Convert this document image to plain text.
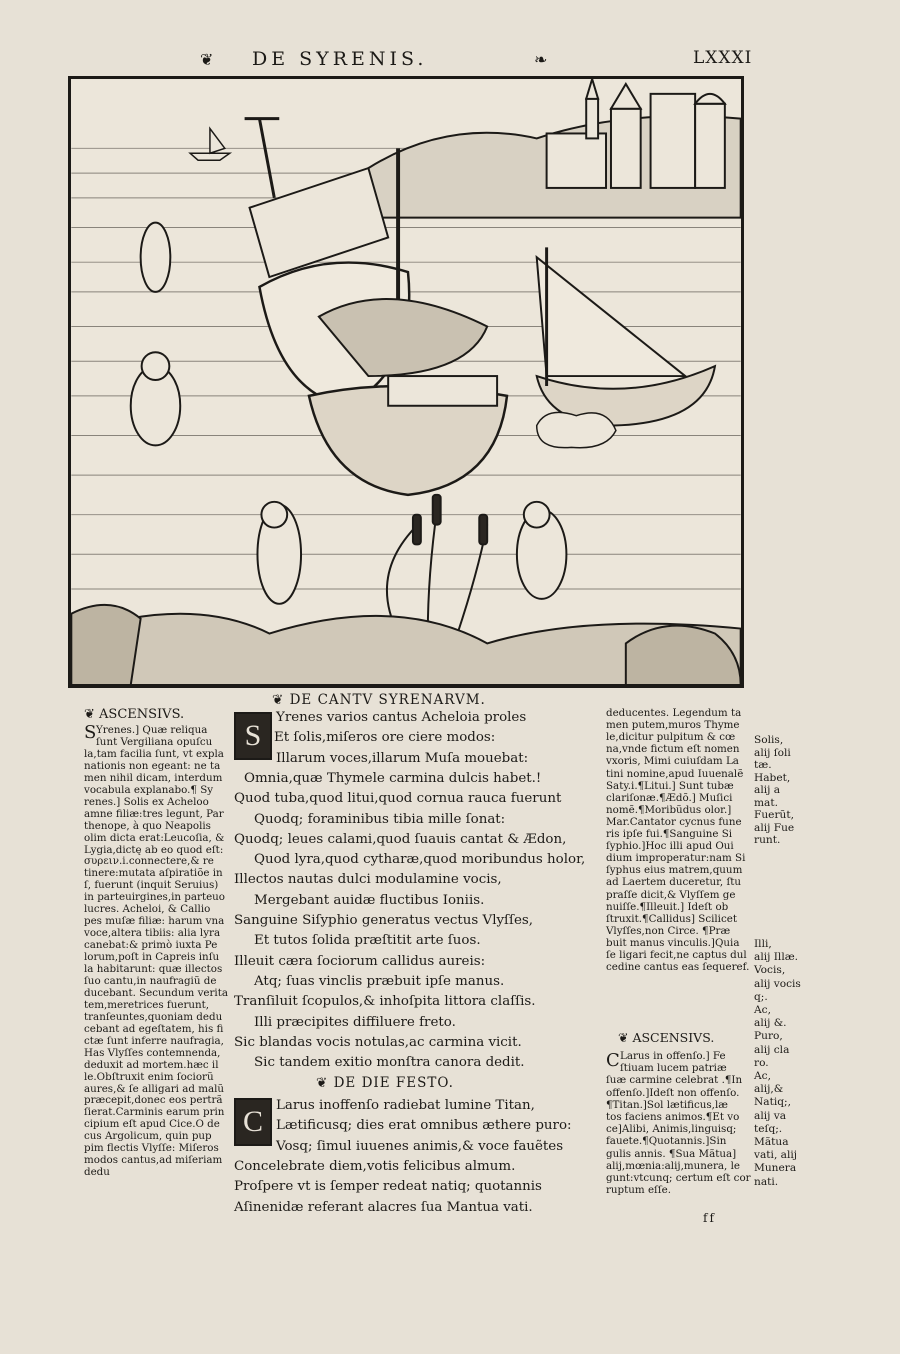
❦ DE SYRENIS.	❧	LXXXI
❦ ASCENSIVS.
S Yrenes.] Quæ reliqua
ſunt Vergiliana opuſcu
la,tam facilia ſunt, vt expla
nationis non egeant: ne ta
men nihil dicam, interdum
vocabula explanabo.¶ Sy
renes.] Solis ex Acheloo
amne filiæ:tres legunt, Par
thenope, à quo Neapolis
olim dicta erat:Leucoſia, &
Lygia,dictę ab eo quod eſt:
συρειν.i.connectere,& re
tinere:mutata aſpiratiõe in
ſ, fuerunt (inquit Seruius)
in parteuirgines,in parteuo
lucres. Acheloi, & Callio
pes muſæ filiæ: harum vna
voce,altera tibiis: alia lyra
canebat:& primò iuxta Pe
lorum,poſt in Capreis inſu
la habitarunt: quæ illectos
ſuo cantu,in naufragiũ de
ducebant. Secundum verita
tem,meretrices fuerunt,
tranſeuntes,quoniam dedu
cebant ad egeſtatem, his fi
ctæ ſunt inferre naufragia,
Has Vlyſſes contemnenda,
deduxit ad mortem.hæc il
le.Obſtruxit enim ſociorũ
aures,& ſe alligari ad malũ
præcepit,donec eos pertrã
ſierat.Carminis earum prin
cipium eſt apud Cice.O de
cus Argolicum, quin pup
pim flectis Vlyſſe: Miſeros
modos cantus,ad miſeriam
dedu
❦ DE CANTV SYRENARVM.
S
❦ DE DIE FESTO.
C
Yrenes varios cantus Acheloia proles
Et ſolis,miſeros ore ciere modos:
Illarum voces,illarum Muſa mouebat:
Omnia,quæ Thymele carmina dulcis habet.!
Quod tuba,quod litui,quod cornua rauca fuerunt
Quodq; foraminibus tibia mille ſonat:
Quodq; leues calami,quod ſuauis cantat & Ædon,
Quod lyra,quod cytharæ,quod moribundus holor,
Illectos nautas dulci modulamine vocis,
Mergebant auidæ fluctibus Ioniis.
Sanguine Siſyphio generatus vectus Vlyſſes,
Et tutos ſolida præſtitit arte ſuos.
Illeuit cæra ſociorum callidus aureis:
Atq; ſuas vinclis præbuit ipſe manus.
Tranſiluit ſcopulos,& inhoſpita littora claſſis.
Illi præcipites diffiluere freto.
Sic blandas vocis notulas,ac carmina vicit.
Sic tandem exitio monſtra canora dedit.
Larus inoffenſo radiebat lumine Titan,
Lætificusq; dies erat omnibus æthere puro:
Vosq; ſimul iuuenes animis,& voce fauẽtes
Concelebrate diem,votis felicibus almum.
Proſpere vt is ſemper redeat natiq; quotannis
Aſinenidæ referant alacres ſua Mantua vati.
❦ ASCENSIVS.
deducentes. Legendum ta
men putem,muros Thyme
le,dicitur pulpitum & cœ
na,vnde fictum eſt nomen
vxoris, Mimi cuiuſdam La
tini nomine,apud Iuuenalẽ
Saty.i.¶Litui.] Sunt tubæ
clariſonæ.¶Ædõ.] Muſici
nomẽ.¶Moribũdus olor.]
Mar.Cantator cycnus fune
ris ipſe fui.¶Sanguine Si
ſyphio.]Hoc illi apud Oui
dium improperatur:nam Si
ſyphus eius matrem,quum
ad Laertem duceretur, ſtu
praſſe dicit,& Vlyſſem ge
nuiſſe.¶Illeuit.] Ideſt ob
ſtruxit.¶Callidus] Scilicet
Vlyſſes,non Circe. ¶Præ
buit manus vinculis.]Quia
ſe ligari fecit,ne captus dul
cedine cantus eas ſequeref.
C Larus in offenſo.] Fe
ſtiuam lucem patriæ
ſuæ carmine celebrat .¶In
offenſo.]Ideſt non offenſo.
¶Titan.]Sol lætificus,læ
tos faciens animos.¶Et vo
ce]Alibi, Animis,linguisq;
fauete.¶Quotannis.]Sin
gulis annis. ¶Sua Mãtua]
alij,mœnia:alij,munera, le
gunt:vtcunq; certum eſt cor
ruptum eſſe.
Solis,
alij ſoli
tæ.
Habet,
alij a
mat.
Fuerũt,
alij Fue
runt.
Illi,
alij Illæ.
Vocis,
alij vocis
q;.
Ac,
alij &.
Puro,
alij cla
ro.
Ac,
alij,&
Natiq;,
alij va
teſq;.
Mãtua
vati, alij
Munera
nati.
ff
